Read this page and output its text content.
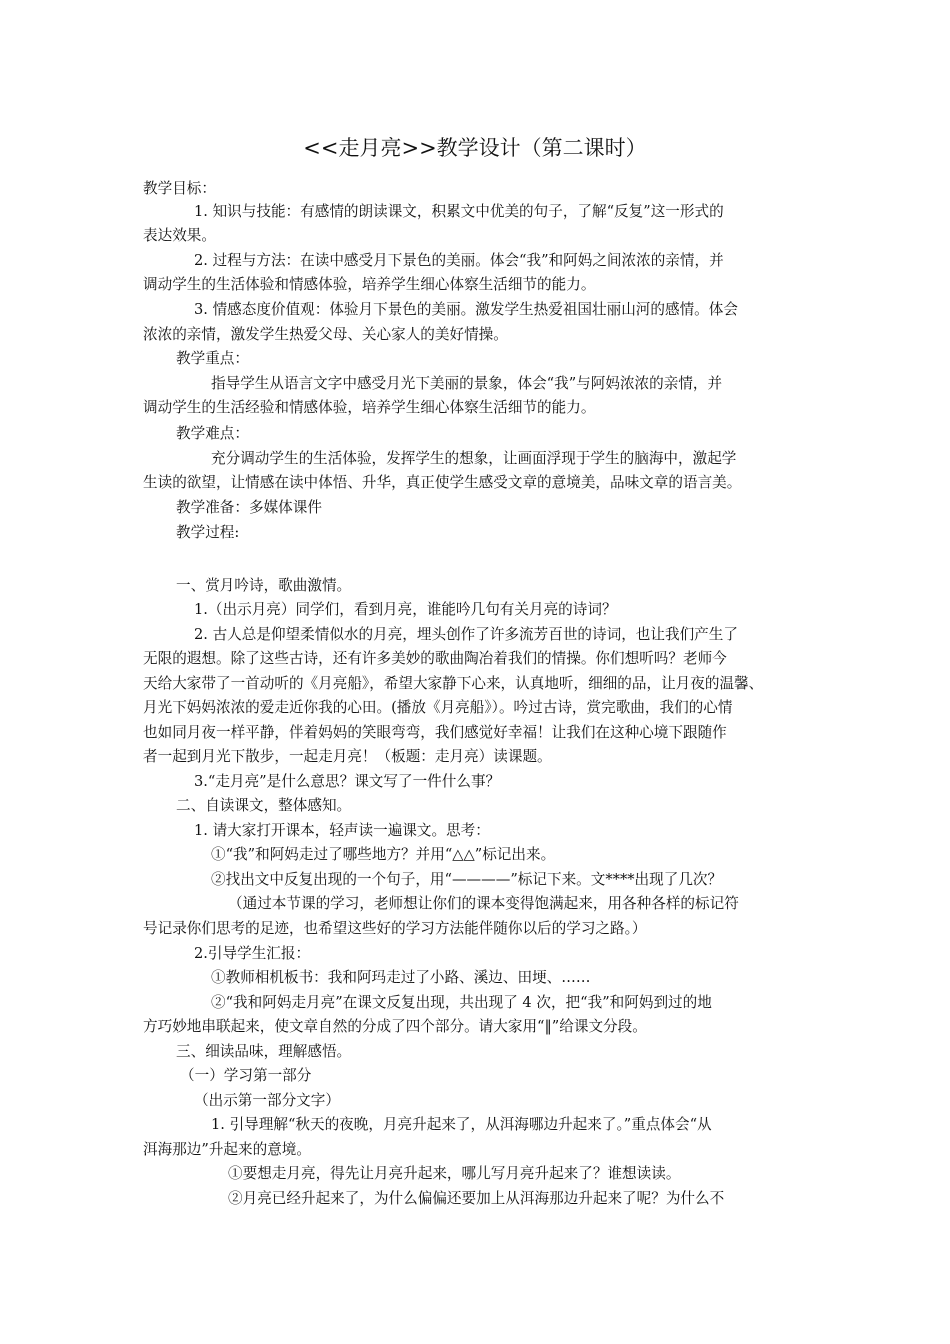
<<走月亮>>教学设计（第二课时）
教学目标：
1. 知识与技能：有感情的朗读课文，积累文中优美的句子，了解“反复”这一形式的
表达效果。
2. 过程与方法：在读中感受月下景色的美丽。体会“我”和阿妈之间浓浓的亲情，并
调动学生的生活体验和情感体验，培养学生细心体察生活细节的能力。
3. 情感态度价值观：体验月下景色的美丽。激发学生热爱祖国壮丽山河的感情。体会
浓浓的亲情，激发学生热爱父母、关心家人的美好情操。
教学重点：
指导学生从语言文字中感受月光下美丽的景象，体会“我”与阿妈浓浓的亲情，并
调动学生的生活经验和情感体验，培养学生细心体察生活细节的能力。
教学难点：
充分调动学生的生活体验，发挥学生的想象，让画面浮现于学生的脑海中，激起学
生读的欲望，让情感在读中体悟、升华，真正使学生感受文章的意境美，品味文章的语言美。
教学准备：多媒体课件
教学过程:
一、赏月吟诗，歌曲激情。
1.（出示月亮）同学们，看到月亮，谁能吟几句有关月亮的诗词？
2. 古人总是仰望柔情似水的月亮，埋头创作了许多流芳百世的诗词，也让我们产生了
无限的遐想。除了这些古诗，还有许多美妙的歌曲陶冶着我们的情操。你们想听吗？老师今
天给大家带了一首动听的《月亮船》，希望大家静下心来，认真地听，细细的品，让月夜的温馨、
月光下妈妈浓浓的爱走近你我的心田。(播放《月亮船》）。吟过古诗，赏完歌曲，我们的心情
也如同月夜一样平静，伴着妈妈的笑眼弯弯，我们感觉好幸福！让我们在这种心境下跟随作
者一起到月光下散步，一起走月亮！（板题：走月亮）读课题。
3.“走月亮”是什么意思？课文写了一件什么事？
二、自读课文，整体感知。
1. 请大家打开课本，轻声读一遍课文。思考：
①“我”和阿妈走过了哪些地方？并用“△△”标记出来。
②找出文中反复出现的一个句子，用“————”标记下来。文****出现了几次？
（通过本节课的学习，老师想让你们的课本变得饱满起来，用各种各样的标记符
号记录你们思考的足迹，也希望这些好的学习方法能伴随你以后的学习之路。）
2.引导学生汇报：
①教师相机板书：我和阿玛走过了小路、溪边、田埂、……
②“我和阿妈走月亮”在课文反复出现，共出现了 4 次，把“我”和阿妈到过的地
方巧妙地串联起来，使文章自然的分成了四个部分。请大家用“‖”给课文分段。
三、细读品味，理解感悟。
（一）学习第一部分
（出示第一部分文字）
1. 引导理解“秋天的夜晚，月亮升起来了，从洱海哪边升起来了。”重点体会“从
洱海那边”升起来的意境。
①要想走月亮，得先让月亮升起来，哪儿写月亮升起来了？谁想读读。
②月亮已经升起来了，为什么偏偏还要加上从洱海那边升起来了呢？为什么不
